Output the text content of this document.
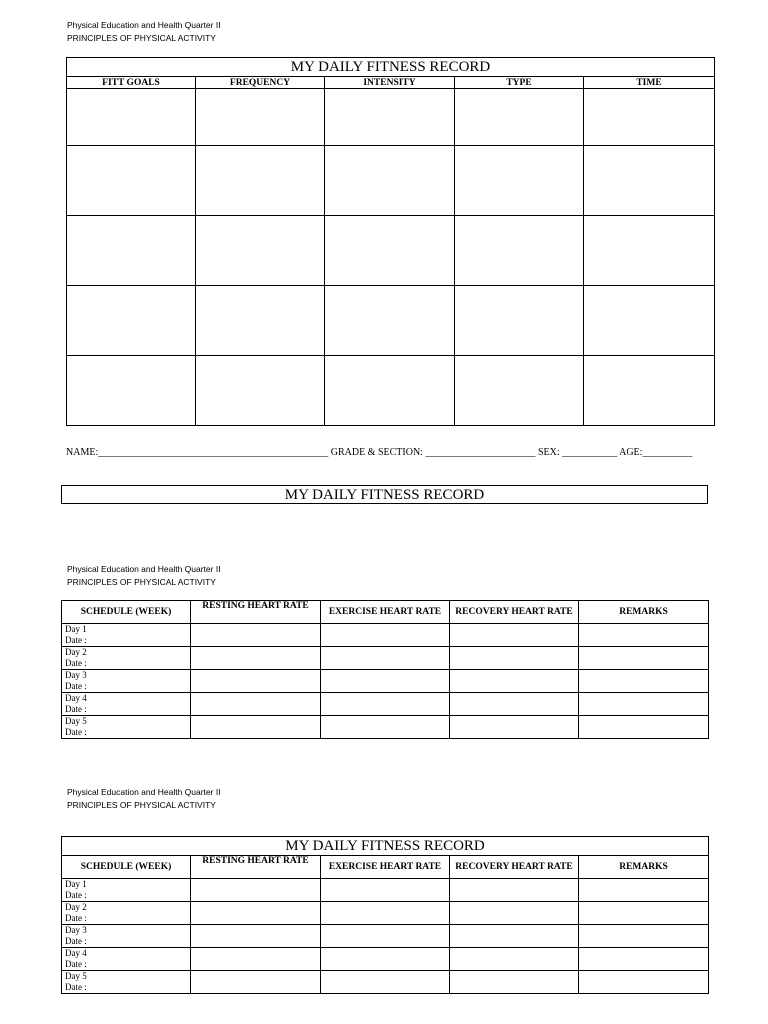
Physical Education and Health Quarter II
PRINCIPLES OF PHYSICAL ACTIVITY
MY DAILY FITNESS RECORD				
FITT GOALS	FREQUENCY	INTENSITY	TYPE	TIME

NAME:______________________________________________ GRADE & SECTION: ______________________ SEX: ___________ AGE:__________
MY DAILY FITNESS RECORD
Physical Education and Health Quarter II
PRINCIPLES OF PHYSICAL ACTIVITY
SCHEDULE (WEEK)	RESTING HEART RATE	EXERCISE HEART RATE	RECOVERY HEART RATE	REMARKS

Day 1
Date :				

Day 2
Date :				

Day 3
Date :				

Day 4
Date :				

Day 5
Date :				

Physical Education and Health Quarter II
PRINCIPLES OF PHYSICAL ACTIVITY
MY DAILY FITNESS RECORD				
SCHEDULE (WEEK)	RESTING HEART RATE	EXERCISE HEART RATE	RECOVERY HEART RATE	REMARKS

Day 1
Date :				

Day 2
Date :				

Day 3
Date :				

Day 4
Date :				

Day 5
Date :				
